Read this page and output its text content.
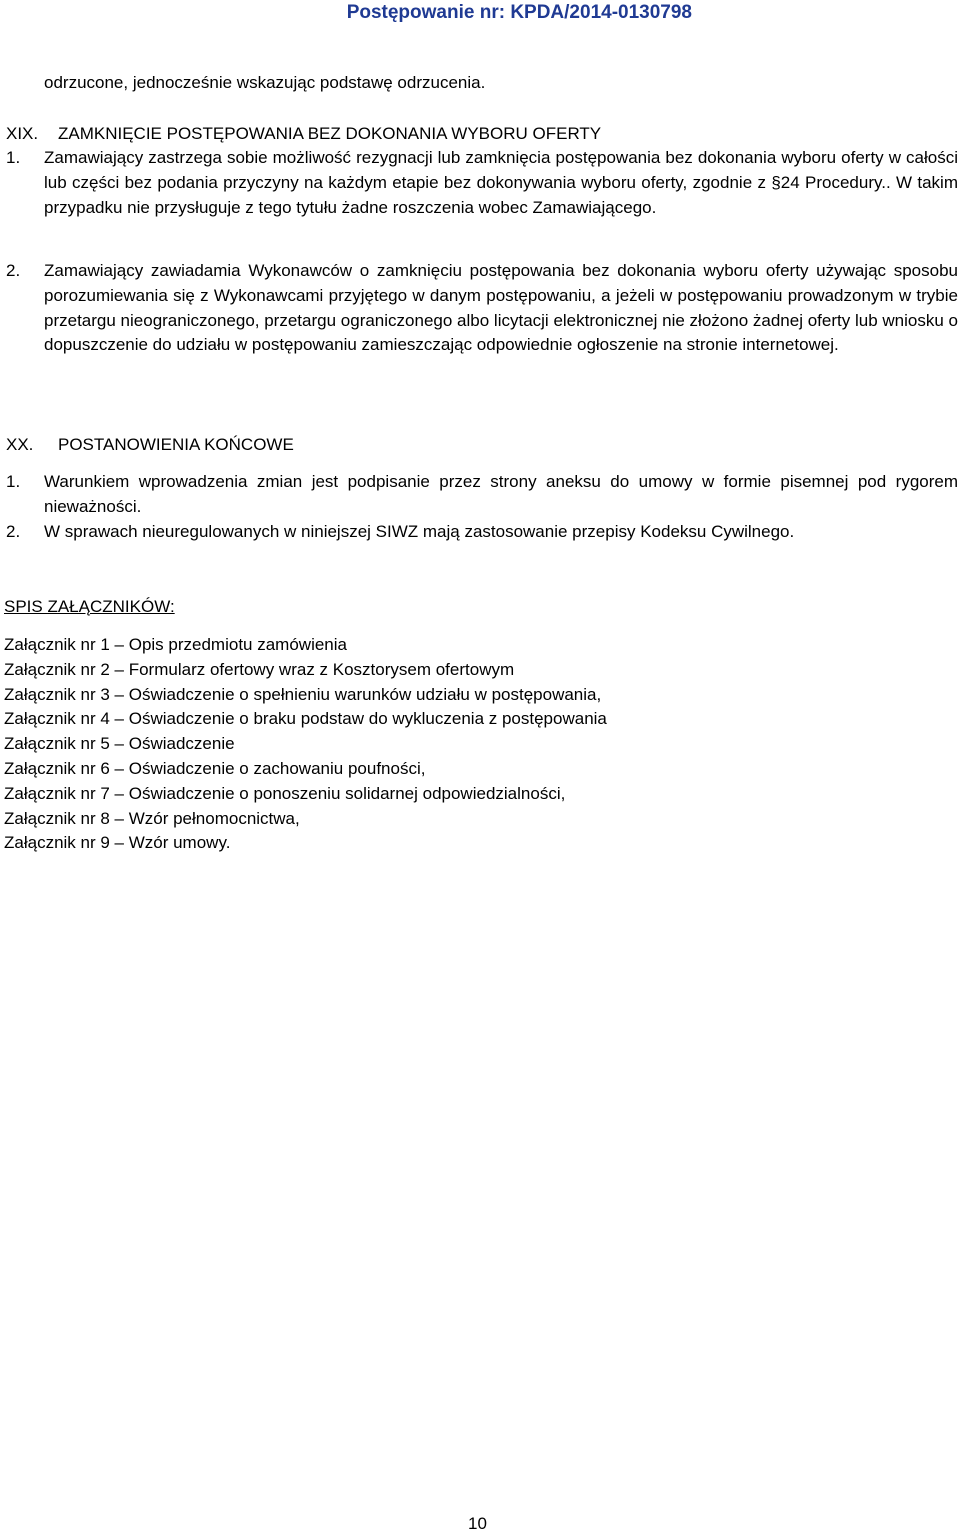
Postępowanie nr: KPDA/2014-0130798
odrzucone, jednocześnie wskazując podstawę odrzucenia.
XIX. ZAMKNIĘCIE POSTĘPOWANIA BEZ DOKONANIA WYBORU OFERTY
1. Zamawiający zastrzega sobie możliwość rezygnacji lub zamknięcia postępowania bez dokonania wyboru oferty w całości lub części bez podania przyczyny na każdym etapie bez dokonywania wyboru oferty, zgodnie z §24 Procedury.. W takim przypadku nie przysługuje z tego tytułu żadne roszczenia wobec Zamawiającego.
2. Zamawiający zawiadamia Wykonawców o zamknięciu postępowania bez dokonania wyboru oferty używając sposobu porozumiewania się z Wykonawcami przyjętego w danym postępowaniu, a jeżeli w postępowaniu prowadzonym w trybie przetargu nieograniczonego, przetargu ograniczonego albo licytacji elektronicznej nie złożono żadnej oferty lub wniosku o dopuszczenie do udziału w postępowaniu zamieszczając odpowiednie ogłoszenie na stronie internetowej.
XX. POSTANOWIENIA KOŃCOWE
1. Warunkiem wprowadzenia zmian jest podpisanie przez strony aneksu do umowy w formie pisemnej pod rygorem nieważności.
2. W sprawach nieuregulowanych w niniejszej SIWZ mają zastosowanie przepisy Kodeksu Cywilnego.
SPIS ZAŁĄCZNIKÓW:
Załącznik nr 1 – Opis przedmiotu zamówienia
Załącznik nr 2 – Formularz ofertowy wraz z Kosztorysem ofertowym
Załącznik nr 3 – Oświadczenie o spełnieniu warunków udziału w postępowania,
Załącznik nr 4 – Oświadczenie o braku podstaw do wykluczenia z postępowania
Załącznik nr 5 – Oświadczenie
Załącznik nr 6 – Oświadczenie o zachowaniu poufności,
Załącznik nr 7 – Oświadczenie o ponoszeniu solidarnej odpowiedzialności,
Załącznik nr 8 – Wzór pełnomocnictwa,
Załącznik nr 9 – Wzór umowy.
10
